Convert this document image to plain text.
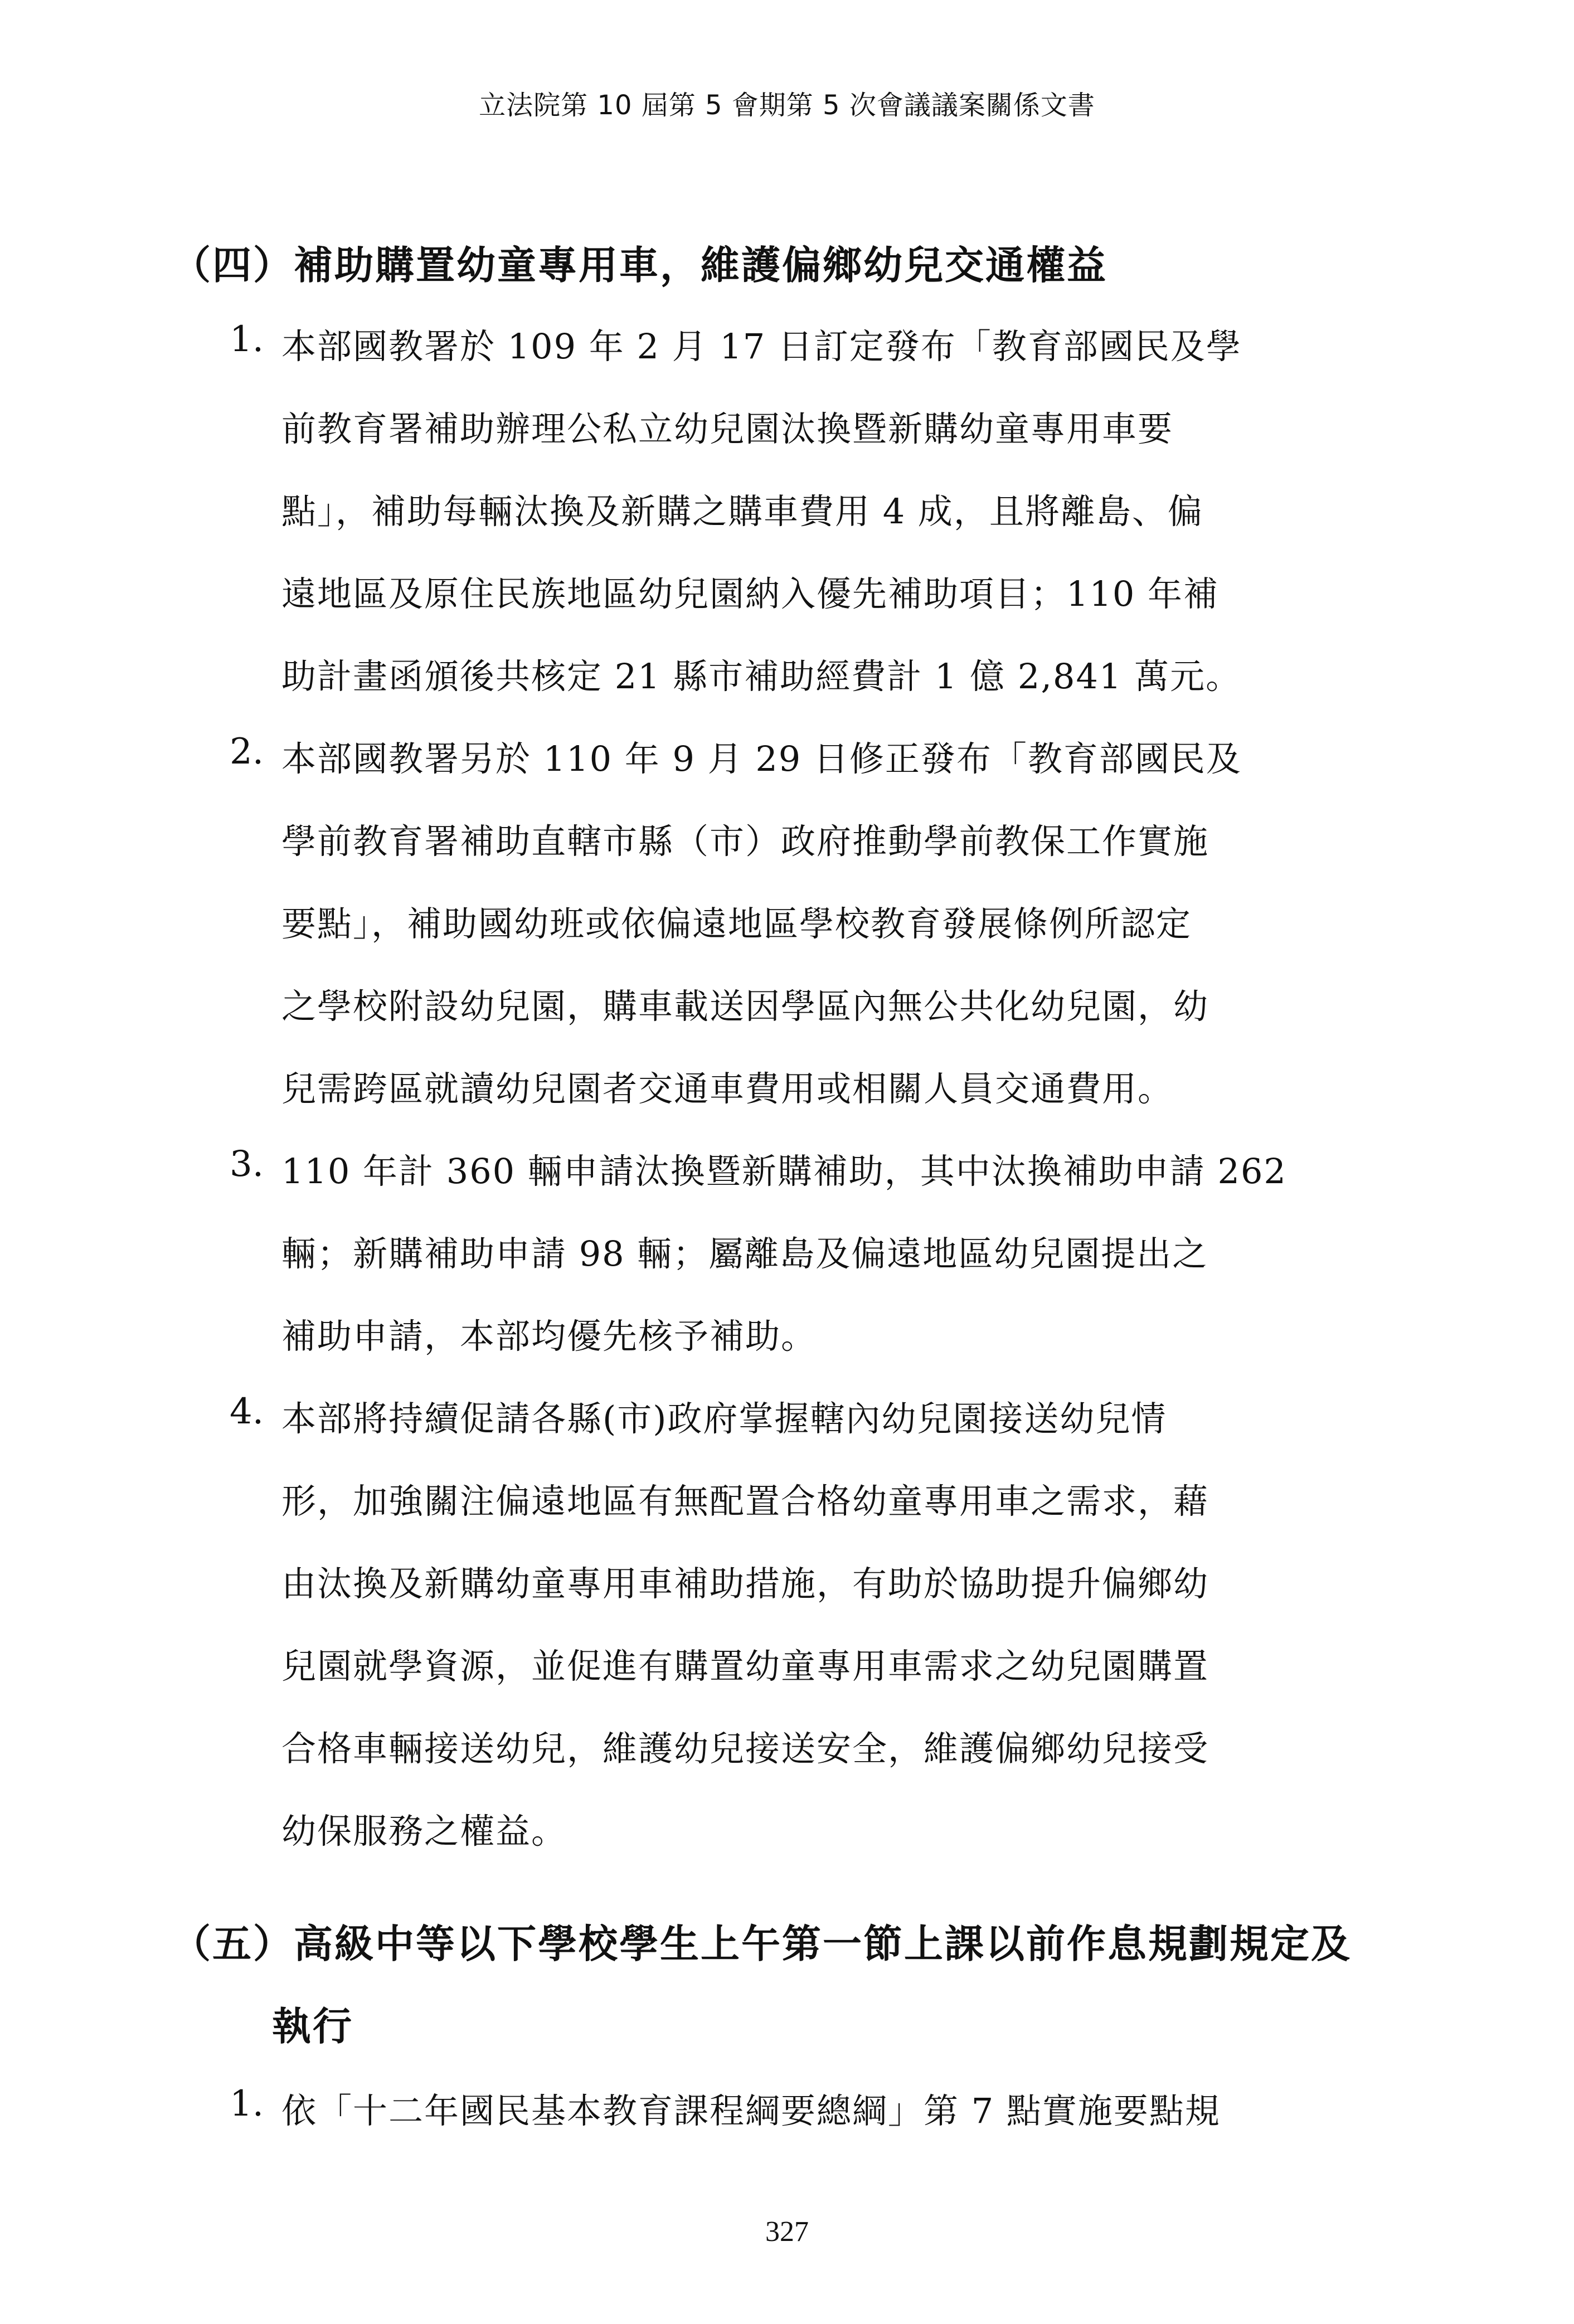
立法院第 10 屆第 5 會期第 5 次會議議案關係文書
（四）補助購置幼童專用車，維護偏鄉幼兒交通權益
1. 本部國教署於 109 年 2 月 17 日訂定發布「教育部國民及學
前教育署補助辦理公私立幼兒園汰換暨新購幼童專用車要
點」，補助每輛汰換及新購之購車費用 4 成，且將離島、偏
遠地區及原住民族地區幼兒園納入優先補助項目；110 年補
助計畫函頒後共核定 21 縣市補助經費計 1 億 2,841 萬元。
2. 本部國教署另於 110 年 9 月 29 日修正發布「教育部國民及
學前教育署補助直轄市縣（市）政府推動學前教保工作實施
要點」，補助國幼班或依偏遠地區學校教育發展條例所認定
之學校附設幼兒園，購車載送因學區內無公共化幼兒園，幼
兒需跨區就讀幼兒園者交通車費用或相關人員交通費用。
3. 110 年計 360 輛申請汰換暨新購補助，其中汰換補助申請 262
輛；新購補助申請 98 輛；屬離島及偏遠地區幼兒園提出之
補助申請，本部均優先核予補助。
4. 本部將持續促請各縣(市)政府掌握轄內幼兒園接送幼兒情
形，加強關注偏遠地區有無配置合格幼童專用車之需求，藉
由汰換及新購幼童專用車補助措施，有助於協助提升偏鄉幼
兒園就學資源，並促進有購置幼童專用車需求之幼兒園購置
合格車輛接送幼兒，維護幼兒接送安全，維護偏鄉幼兒接受
幼保服務之權益。
（五）高級中等以下學校學生上午第一節上課以前作息規劃規定及
執行
1. 依「十二年國民基本教育課程綱要總綱」第 7 點實施要點規
327
